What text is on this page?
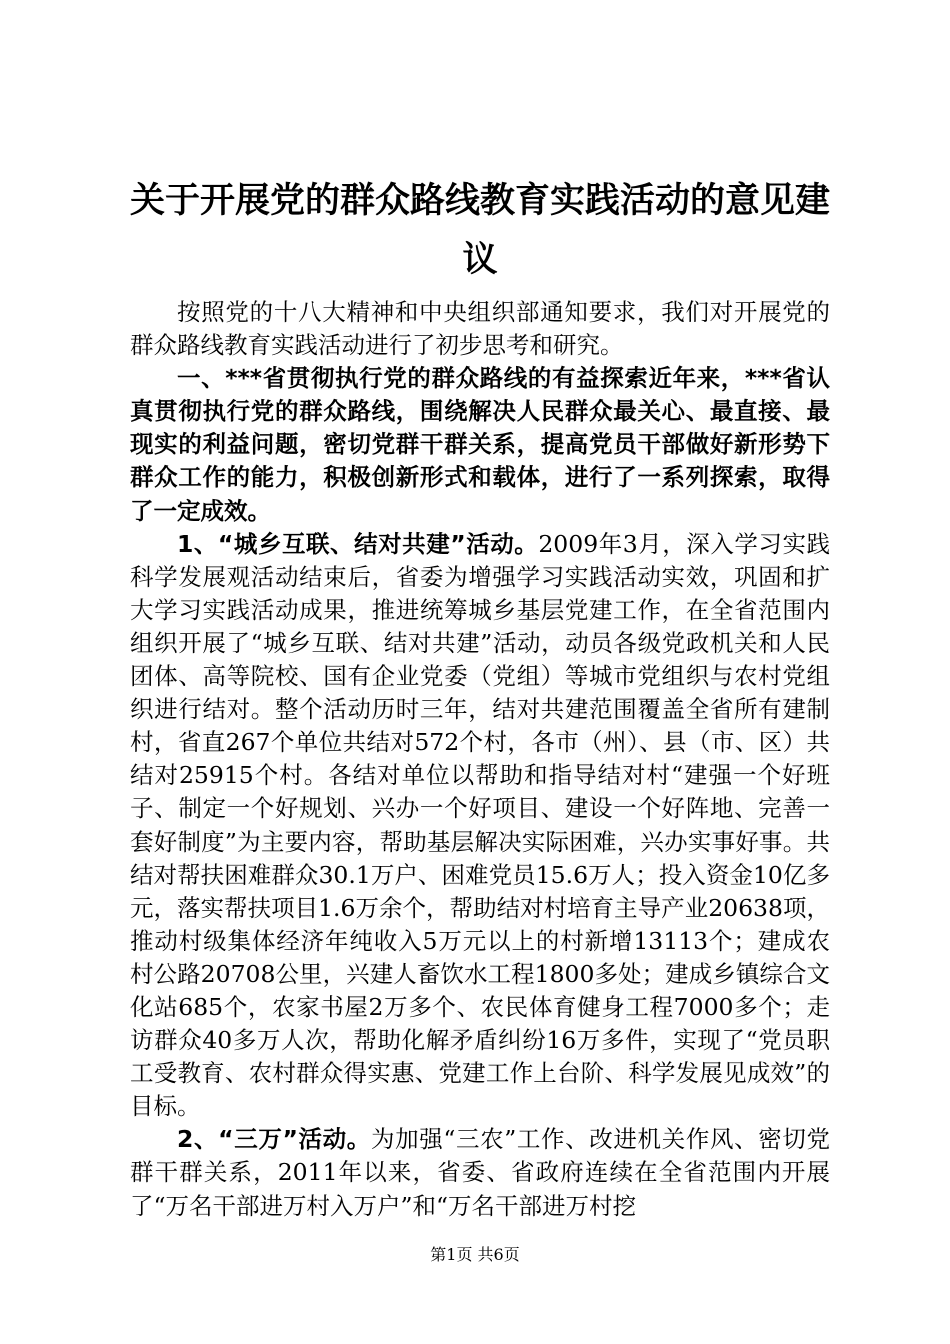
关于开展党的群众路线教育实践活动的意见建议

按照党的十八大精神和中央组织部通知要求，我们对开展党的群众路线教育实践活动进行了初步思考和研究。

一、***省贯彻执行党的群众路线的有益探索近年来，***省认真贯彻执行党的群众路线，围绕解决人民群众最关心、最直接、最现实的利益问题，密切党群干群关系，提高党员干部做好新形势下群众工作的能力，积极创新形式和载体，进行了一系列探索，取得了一定成效。

1、“城乡互联、结对共建”活动。2009年3月，深入学习实践科学发展观活动结束后，省委为增强学习实践活动实效，巩固和扩大学习实践活动成果，推进统筹城乡基层党建工作，在全省范围内组织开展了“城乡互联、结对共建”活动，动员各级党政机关和人民团体、高等院校、国有企业党委（党组）等城市党组织与农村党组织进行结对。整个活动历时三年，结对共建范围覆盖全省所有建制村，省直267个单位共结对572个村，各市（州）、县（市、区）共结对25915个村。各结对单位以帮助和指导结对村“建强一个好班子、制定一个好规划、兴办一个好项目、建设一个好阵地、完善一套好制度”为主要内容，帮助基层解决实际困难，兴办实事好事。共结对帮扶困难群众30.1万户、困难党员15.6万人；投入资金10亿多元，落实帮扶项目1.6万余个，帮助结对村培育主导产业20638项，推动村级集体经济年纯收入5万元以上的村新增13113个；建成农村公路20708公里，兴建人畜饮水工程1800多处；建成乡镇综合文化站685个，农家书屋2万多个、农民体育健身工程7000多个；走访群众40多万人次，帮助化解矛盾纠纷16万多件，实现了“党员职工受教育、农村群众得实惠、党建工作上台阶、科学发展见成效”的目标。

2、“三万”活动。为加强“三农”工作、改进机关作风、密切党群干群关系，2011年以来，省委、省政府连续在全省范围内开展了“万名干部进万村入万户”和“万名干部进万村挖

第1页 共6页
